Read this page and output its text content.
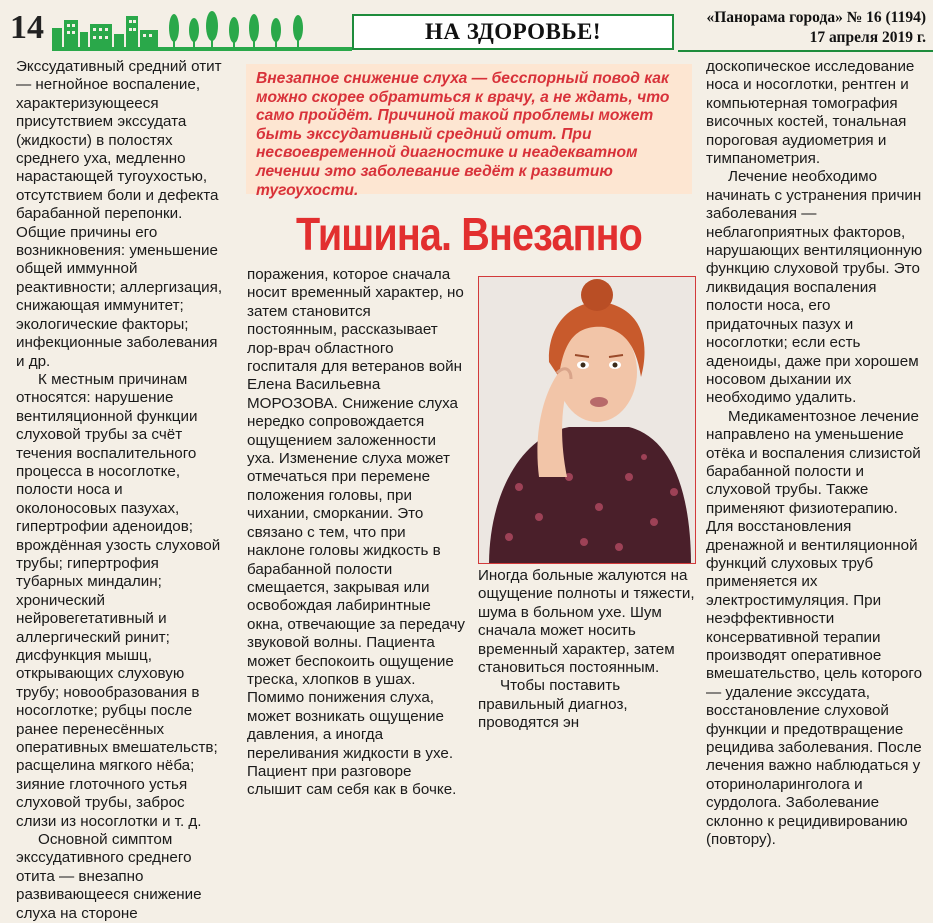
14	НА ЗДОРОВЬЕ!
«Панорама города» № 16 (1194)
17 апреля 2019 г.

Экссудативный средний отит — негнойное воспаление, характеризующееся присутствием экссудата (жидкости) в полостях среднего уха, медленно нарастающей тугоухостью, отсутствием боли и дефекта барабанной перепонки. Общие причины его возникновения: уменьшение общей иммунной реактивности; аллергизация, снижающая иммунитет; экологические факторы; инфекционные заболевания и др.

К местным причинам относятся: нарушение вентиляционной функции слуховой трубы за счёт течения воспалительного процесса в носоглотке, полости носа и околоносовых пазухах, гипертрофии аденоидов; врождённая узость слуховой трубы; гипертрофия тубарных миндалин; хронический нейровегетативный и аллергический ринит; дисфункция мышц, открывающих слуховую трубу; новообразования в носоглотке; рубцы после ранее перенесённых оперативных вмешательств; расщелина мягкого нёба; зияние глоточного устья слуховой трубы, заброс слизи из носоглотки и т. д.

Основной симптом экссудативного среднего отита — внезапно развивающееся снижение слуха на стороне

Внезапное снижение слуха — бесспорный повод как можно скорее обратиться к врачу, а не ждать, что само пройдёт. Причиной такой проблемы может быть экссудативный средний отит. При несвоевременной диагностике и неадекватном лечении это заболевание ведёт к развитию тугоухости.
Тишина. Внезапно

поражения, которое сначала носит временный характер, но затем становится постоянным, рассказывает лор-врач областного госпиталя для ветеранов войн Елена Васильевна МОРОЗОВА. Снижение слуха нередко сопровождается ощущением заложенности уха. Изменение слуха может отмечаться при перемене положения головы, при чихании, сморкании. Это связано с тем, что при наклоне головы жидкость в барабанной полости смещается, закрывая или освобождая лабиринтные окна, отвечающие за передачу звуковой волны. Пациента может беспокоить ощущение треска, хлопков в ушах. Помимо понижения слуха, может возникать ощущение давления, а иногда переливания жидкости в ухе. Пациент при разговоре слышит сам себя как в бочке.

Иногда больные жалуются на ощущение полноты и тяжести, шума в больном ухе. Шум сначала может носить временный характер, затем становиться постоянным.

Чтобы поставить правильный диагноз, проводятся эн

доскопическое исследование носа и носоглотки, рентген и компьютерная томография височных костей, тональная пороговая аудиометрия и тимпанометрия.

Лечение необходимо начинать с устранения причин заболевания — неблагоприятных факторов, нарушающих вентиляционную функцию слуховой трубы. Это ликвидация воспаления полости носа, его придаточных пазух и носоглотки; если есть аденоиды, даже при хорошем носовом дыхании их необходимо удалить.

Медикаментозное лечение направлено на уменьшение отёка и воспаления слизистой барабанной полости и слуховой трубы. Также применяют физиотерапию. Для восстановления дренажной и вентиляционной функций слуховых труб применяется их электростимуляция. При неэффективности консервативной терапии производят оперативное вмешательство, цель которого — удаление экссудата, восстановление слуховой функции и предотвращение рецидива заболевания. После лечения важно наблюдаться у оториноларинголога и сурдолога. Заболевание склонно к рецидивированию (повтору).
